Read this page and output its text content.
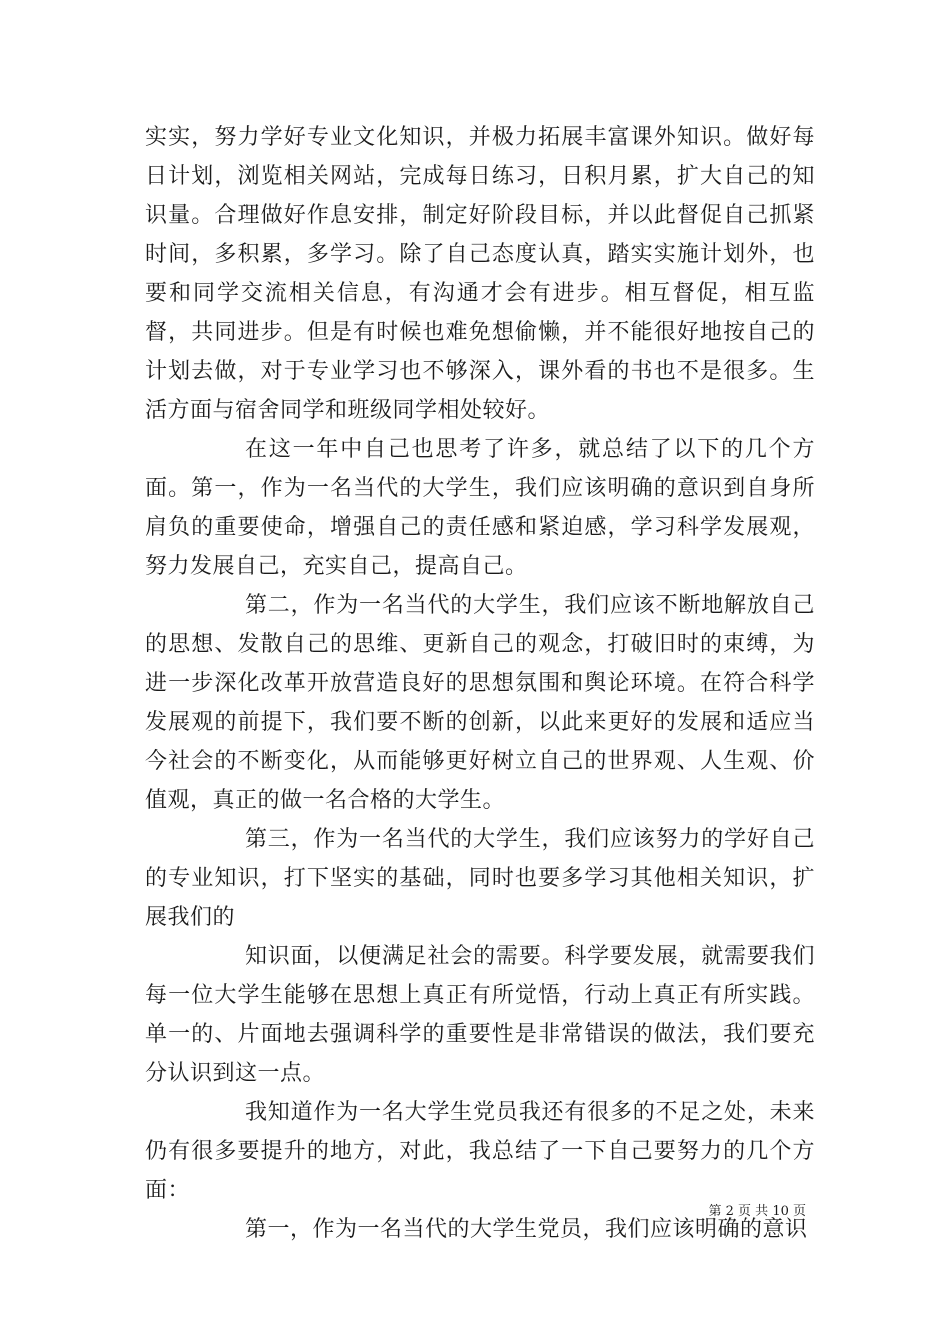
实实，努力学好专业文化知识，并极力拓展丰富课外知识。做好每日计划，浏览相关网站，完成每日练习，日积月累，扩大自己的知识量。合理做好作息安排，制定好阶段目标，并以此督促自己抓紧时间，多积累，多学习。除了自己态度认真，踏实实施计划外，也要和同学交流相关信息，有沟通才会有进步。相互督促，相互监督，共同进步。但是有时候也难免想偷懒，并不能很好地按自己的计划去做，对于专业学习也不够深入，课外看的书也不是很多。生活方面与宿舍同学和班级同学相处较好。

在这一年中自己也思考了许多，就总结了以下的几个方面。第一，作为一名当代的大学生，我们应该明确的意识到自身所肩负的重要使命，增强自己的责任感和紧迫感，学习科学发展观，努力发展自己，充实自己，提高自己。

第二，作为一名当代的大学生，我们应该不断地解放自己的思想、发散自己的思维、更新自己的观念，打破旧时的束缚，为进一步深化改革开放营造良好的思想氛围和舆论环境。在符合科学发展观的前提下，我们要不断的创新，以此来更好的发展和适应当今社会的不断变化，从而能够更好树立自己的世界观、人生观、价值观，真正的做一名合格的大学生。

第三，作为一名当代的大学生，我们应该努力的学好自己的专业知识，打下坚实的基础，同时也要多学习其他相关知识，扩展我们的

知识面，以便满足社会的需要。科学要发展，就需要我们每一位大学生能够在思想上真正有所觉悟，行动上真正有所实践。单一的、片面地去强调科学的重要性是非常错误的做法，我们要充分认识到这一点。

我知道作为一名大学生党员我还有很多的不足之处，未来仍有很多要提升的地方，对此，我总结了一下自己要努力的几个方面：

第一，作为一名当代的大学生党员，我们应该明确的意识

第 2 页 共 10 页
